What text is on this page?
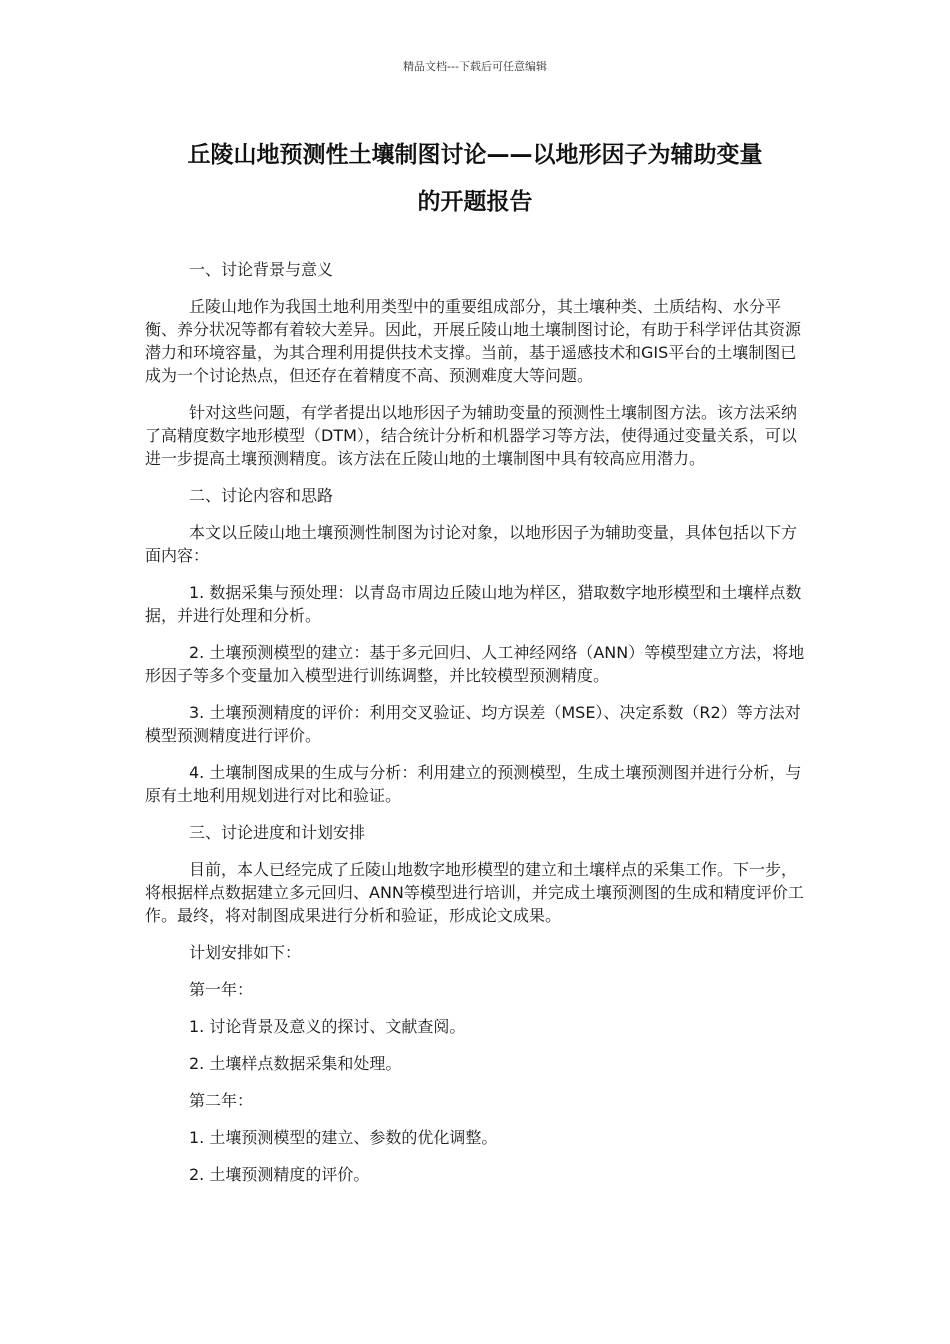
精品文档---下载后可任意编辑
丘陵山地预测性土壤制图讨论——以地形因子为辅助变量
的开题报告

一、讨论背景与意义

丘陵山地作为我国土地利用类型中的重要组成部分，其土壤种类、土质结构、水分平衡、养分状况等都有着较大差异。因此，开展丘陵山地土壤制图讨论，有助于科学评估其资源潜力和环境容量，为其合理利用提供技术支撑。当前，基于遥感技术和GIS平台的土壤制图已成为一个讨论热点，但还存在着精度不高、预测难度大等问题。

针对这些问题，有学者提出以地形因子为辅助变量的预测性土壤制图方法。该方法采纳了高精度数字地形模型（DTM），结合统计分析和机器学习等方法，使得通过变量关系，可以进一步提高土壤预测精度。该方法在丘陵山地的土壤制图中具有较高应用潜力。

二、讨论内容和思路

本文以丘陵山地土壤预测性制图为讨论对象，以地形因子为辅助变量，具体包括以下方面内容：

1. 数据采集与预处理：以青岛市周边丘陵山地为样区，猎取数字地形模型和土壤样点数据，并进行处理和分析。

2. 土壤预测模型的建立：基于多元回归、人工神经网络（ANN）等模型建立方法，将地形因子等多个变量加入模型进行训练调整，并比较模型预测精度。

3. 土壤预测精度的评价：利用交叉验证、均方误差（MSE）、决定系数（R2）等方法对模型预测精度进行评价。

4. 土壤制图成果的生成与分析：利用建立的预测模型，生成土壤预测图并进行分析，与原有土地利用规划进行对比和验证。

三、讨论进度和计划安排

目前，本人已经完成了丘陵山地数字地形模型的建立和土壤样点的采集工作。下一步，将根据样点数据建立多元回归、ANN等模型进行培训，并完成土壤预测图的生成和精度评价工作。最终，将对制图成果进行分析和验证，形成论文成果。

计划安排如下：

第一年：

1. 讨论背景及意义的探讨、文献查阅。

2. 土壤样点数据采集和处理。

第二年：

1. 土壤预测模型的建立、参数的优化调整。

2. 土壤预测精度的评价。
